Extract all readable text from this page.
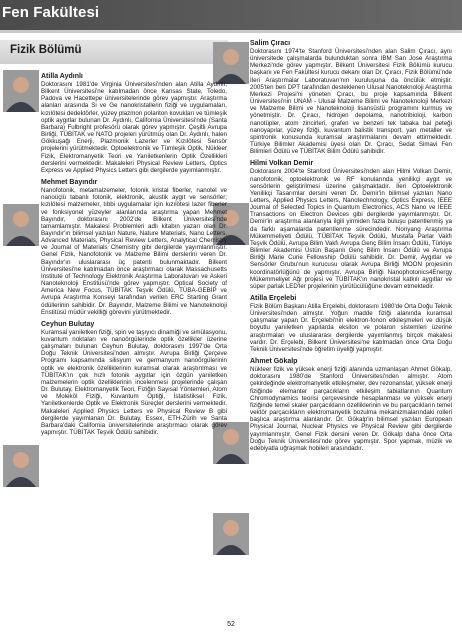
Fen Fakültesi
Fizik Bölümü
Atilla Aydınlı
Doktorasını 1981'de Virginia Üniversitesi'nden alan Atilla Aydınlı, Bilkent Üniversitesi'ne katılmadan önce Kansas State, Toledo, Padova ve Hacettepe üniversitelerinde görev yapmıştır. Araştırma alanları arasında Si ve Ge nanokristallerin fiziği ve uygulamaları, kızılötesi dedektörler, yüzey plazmon polariton kovukları ve tümleşik optik aygıtlar bulunan Dr. Aydınlı, California Üniversitesi'nde (Santa Barbara) Fulbright profesörü olarak görev yapmıştır. Çeşitli Avrupa Birliği, TÜBİTAK ve NATO projeleri yürütmüş olan Dr. Aydınlı, halen Gökkuşağı Enerji, Plazmonik Lazerler ve Kızılötesi Sensör projelerini yürütmektedir. Optoelektronik ve Tümleşik Optik, Nükleer Fizik, Elektromanyetik Teori ve Yarıiletkenlerin Optik Özellikleri derslerini vermektedir. Makaleleri Physical Review Letters, Optics Express ve Applied Physics Letters gibi dergilerde yayımlanmıştır.
Mehmet Bayındır
Nanofotonik, metamalzemeler, fotonik kristal fiberler, nanotel ve nanoüçlü tabanlı fotonik, elektronik, akustik aygıt ve sensörler; kızılötesi malzemeler, tıbbi uygulamalar için kızılötesi lazer fiberler ve fonksiyonel yüzeyler alanlarında araştırma yapan Mehmet Bayındır, doktorasını 2002'de Bilkent Üniversitesi'nde tamamlamıştır. Makalesi Problemleri adlı kitabın yazarı olan Dr. Bayındır'ın bilimsel yazıları Nature, Nature Materials, Nano Letters, Advanced Materials, Physical Review Letters, Analytical Chemistry ve Journal of Materials Chemistry gibi dergilerde yayımlanmıştır. Genel Fizik, Nanofotonik ve Malzeme Bilimi derslerini veren Dr. Bayındır'ın uluslararası üç patenti bulunmaktadır. Bilkent Üniversitesi'ne katılmadan önce araştırmacı olarak Massachusetts Institute of Technology Elektronik Araştırma Laboratuvarı ve Askeri Nanoteknoloji Enstitüsü'nde görev yapmıştır. Optical Society of America New Focus, TÜBİTAK Teşvik Ödülü, TÜBA-GEBİP ve Avrupa Araştırma Konseyi tarafından verilen ERC Starting Grant ödüllerinin sahibidir. Dr. Bayındır, Malzeme Bilimi ve Nanoteknoloji Enstitüsü müdür vekilliği görevini yürütmektedir.
Ceyhun Bulutay
Kuramsal yarıiletken fiziği, spin ve taşıyıcı dinamiği ve simülasyonu, kuvantum noktaları ve nanoörgülerinde optik özellikler üzerine çalışmaları bulunan Ceyhun Bulutay, doktorasını 1997'de Orta Doğu Teknik Üniversitesi'nden almıştır. Avrupa Birliği Çerçeve Programı kapsamında silisyum ve germanyum nanoörgülerinin optik ve elektronik özelliklerinin kuramsal olarak araştırılması ve TÜBİTAK'ın çok hızlı fotonik aygıtlar için özgün yarıiletken malzemelerin optik özelliklerinin incelenmesi projelerinde çalışan Dr. Bulutay, Elektromanyetik Teori, Fiziğin Sayısal Yöntemleri, Atom ve Moleköl Fiziği, Kuvantum Optiği, İstatistiksel Fizik, Yarıiletkenlerde Optik ve Elektronik Süreçler derslerini vermektedir. Makaleleri Applied Physics Letters ve Physical Review B gibi dergilerde yayımlanan Dr. Bulutay, Essex, ETH-Zürih ve Santa Barbara'daki California üniversitelerinde araştırmacı olarak görev yapmıştır. TÜBİTAK Teşvik Ödülü sahibidir.
Salim Çıracı
Doktorasını 1974'te Stanford Üniversitesi'nden alan Salim Çıracı, aynı üniversitede çalışmalarda bulunduktan sonra IBM San Jose Araştırma Merkezi'nde görev yapmıştır. Bilkent Üniversitesi Fizik Bölümü kurucu başkanı ve Fen Fakültesi kurucu dekanı olan Dr. Çıracı, Fizik Bölümü'nde İleri Araştırmalar Laboratuvarı'nın kuruluşuna da öncülük etmiştir. 2005'ten beri DPT tarafından desteklenen Ulusal Nanoteknoloji Araştırma Merkezi Projesi'ni yöneten Çıracı, bu proje kapsamında Bilkent Üniversitesi'nin UNAM - Ulusal Malzeme Bilimi ve Nanoteknoloji Merkezi ve Malzeme Bilimi ve Nanoteknoloji lisansüstü programını kurmuş ve yönetmiştir. Dr. Çıracı, hidrojen depolama, nanotribioloji, karbon nanotüpler, atom zincirleri, grafen ve benzeri tek tabaka bal peteği nanoyapılar, yüzey fiziği, kuvantum balistik transport, yarı metaller ve spintronik konusunda kuramsal araştırmalarını devam ettirmektedir. Türkiye Bilimler Akademisi üyesi olan Dr. Çıracı, Sedat Simavi Fen Bilimleri Ödülü ve TÜBİTAK Bilim Ödülü sahibidir.
Hilmi Volkan Demir
Doktorasını 2004'te Stanford Üniversitesi'nden alan Hilmi Volkan Demir, nanofotonik, optoelektronik ve RF konularında yenilikçi aygıt ve sensörlerin geliştirilmesi üzerine çalışmaktadır. İleri Optoelektronik Yenilikçi Tasarımlar dersini veren Dr. Demir'in bilimsel yazıları Nano Letters, Applied Physics Letters, Nanotechnology, Optics Express, IEEE Journal of Selected Topics in Quantum Electronics, ACS Nano ve IEEE Transactions on Electron Devices gibi dergilerde yayımlanmıştır. Dr. Demir'in araştırma alanlarıyla ilgili yirmiden fazla buluşu patentlenmiş ya da farklı aşamalarda patentlenme sürecindedir. Nonyang Araştırma Mükemmeliyeti Ödülü, TÜBİTAK Teşvik Ödülü, Mustafa Parlar Vakfı Teşvik Ödülü, Avrupa Bilim Vakfı Avrupa Genç Bilim İnsanı Ödülü, Türkiye Bilimler Akademisi Üstün Başarılı Genç Bilim İnsanı Ödülü ve Avrupa Birliği Marie Curie Fellowship Ödülü sahibidir. Dr. Demir, Aygıtlar ve Sensörler Grubu'nun kurucusu olarak Avrupa Birliği MOON projesinin koordinatörlüğünü de yapmıştır. Avrupa Birliği Nanophotonics4Energy Mükemmeliyet Ağı projesi ve TÜBİTAK'ın nanokristal katkılı aygıtlar ve süper parlak LED'ler projelerinin yürütücülüğüne devam etmektedir.
Atilla Erçelebi
Fizik Bölüm Başkanı Atilla Erçelebi, doktorasını 1980'de Orta Doğu Teknik Üniversitesi'nden almıştır. Yoğun madde fiziği alanında kuramsal çalışmalar yapan Dr. Erçelebi'nin elektron-fonon etkileşmeleri ve düşük boyutlu yarıiletken yapılarda eksiton ve polaron sistemleri üzerine araştırmaları ve uluslararası dergilerde yayımlanmış birçok makalesi vardır. Dr. Erçelebi, Bilkent Üniversitesi'ne katılmadan önce Orta Doğu Teknik Üniversitesi'nde öğretim üyeliği yapmıştır.
Ahmet Gökalp
Nükleer fizik ve yüksek enerji fiziği alanında uzmanlaşan Ahmet Gökalp, doktorasını 1980'de Stanford Üniversitesi'nden almıştır. Atom çekirdeğinde elektromanyetik etkileşmeler, dev rezonanslar, yüksek enerji fiziğinde elemanter parçacıkların etkileşim tabiatlarının Quantum Chromodynamics teorisi çerçevesinde hesaplanması ve yüksek enerji fiziğinde temel skaler parçacıkların özelliklerinin ve bu parçacıkların temel vektör parçacıkların elektromanyetik bozulma mekanizmalarındaki rolleri başlıca araştırma alanlarıdır. Dr. Gökalp'in bilimsel yazıları European Physical Journal, Nuclear Physics ve Physical Review gibi dergilerde yayımlanmıştır. Genel Fizik dersini veren Dr. Gökalp daha önce Orta Doğu Teknik Üniversitesi'nde görev yapmıştır. Spor yapmak, müzik ve edebiyatla uğraşmak hobileri arasındadır.
52
